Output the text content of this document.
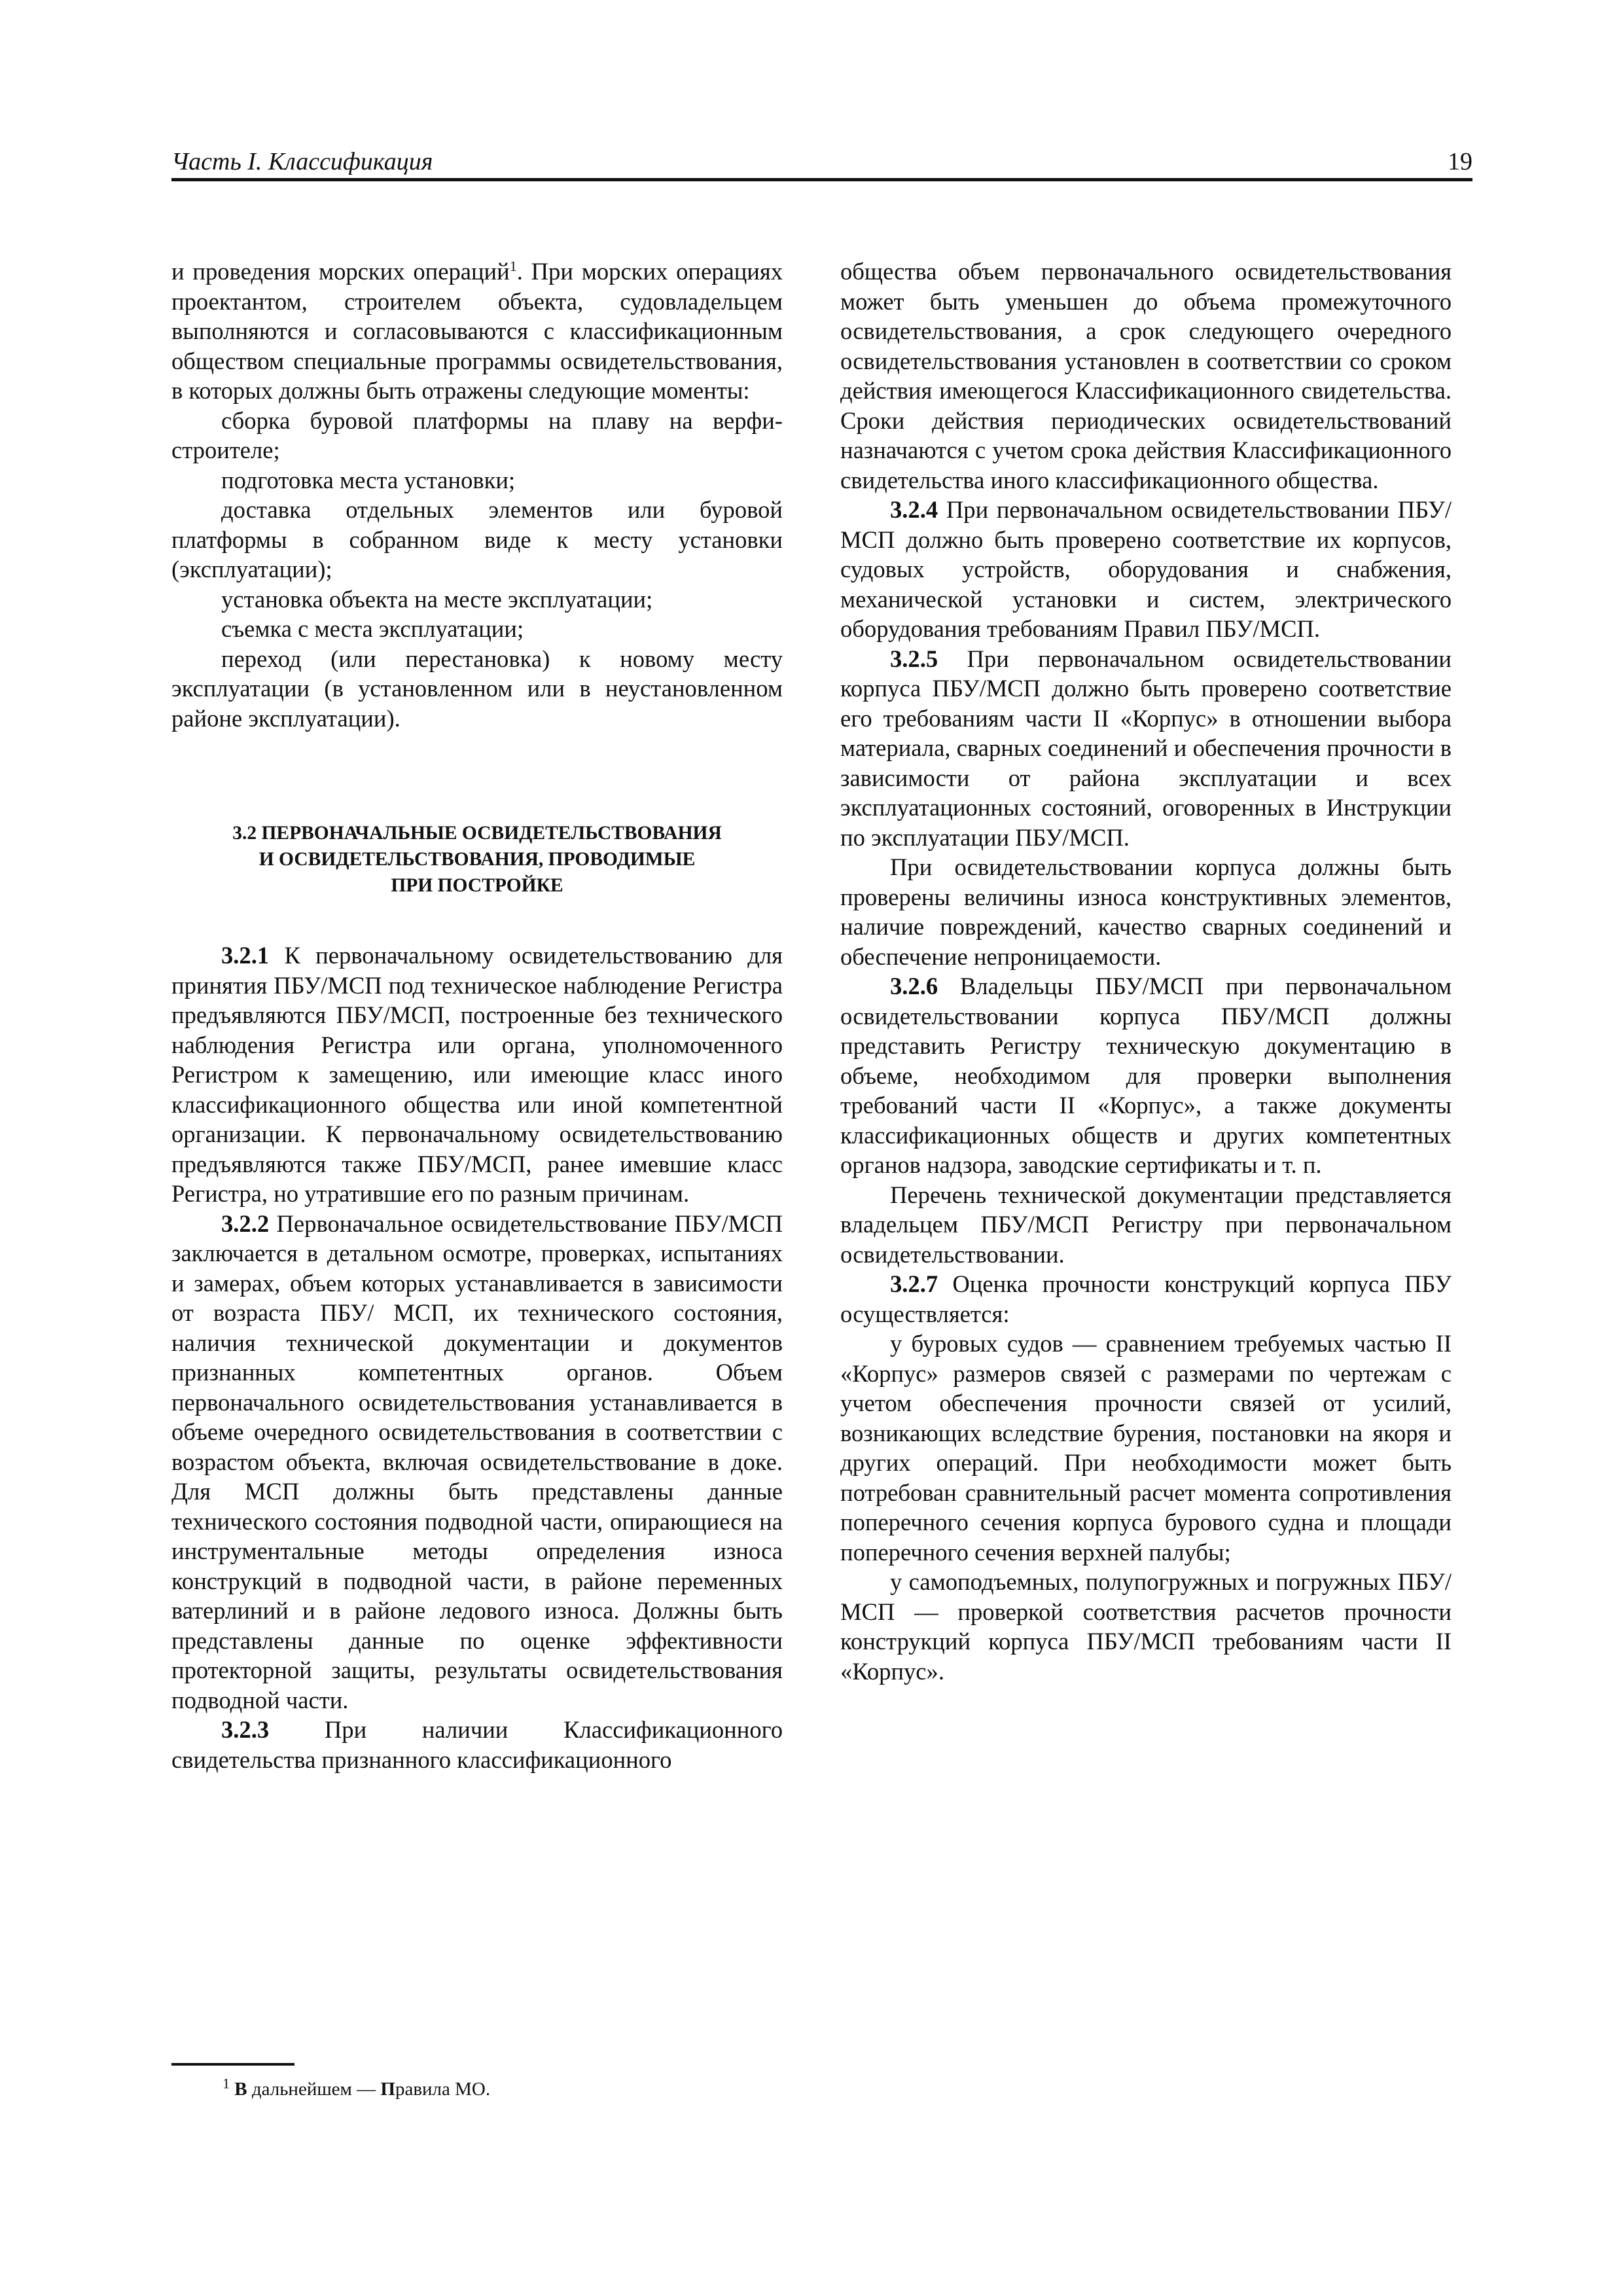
Часть I. Классификация	19

и проведения морских операций$^1$. При морских операциях проектантом, строителем объекта, судовладельцем выполняются и согласовываются с классификационным обществом специальные программы освидетельствования, в которых должны быть отражены следующие моменты:

сборка буровой платформы на плаву на верфи-строителе;

подготовка места установки;

доставка отдельных элементов или буровой платформы в собранном виде к месту установки (эксплуатации);

установка объекта на месте эксплуатации;

съемка с места эксплуатации;

переход (или перестановка) к новому месту эксплуатации (в установленном или в неустановленном районе эксплуатации).

3.2 ПЕРВОНАЧАЛЬНЫЕ ОСВИДЕТЕЛЬСТВОВАНИЯ
И ОСВИДЕТЕЛЬСТВОВАНИЯ, ПРОВОДИМЫЕ
ПРИ ПОСТРОЙКЕ

3.2.1 К первоначальному освидетельствованию для принятия ПБУ/МСП под техническое наблюдение Регистра предъявляются ПБУ/МСП, построенные без технического наблюдения Регистра или органа, уполномоченного Регистром к замещению, или имеющие класс иного классификационного общества или иной компетентной организации. К первоначальному освидетельствованию предъявляются также ПБУ/МСП, ранее имевшие класс Регистра, но утратившие его по разным причинам.

3.2.2 Первоначальное освидетельствование ПБУ/МСП заключается в детальном осмотре, проверках, испытаниях и замерах, объем которых устанавливается в зависимости от возраста ПБУ/ МСП, их технического состояния, наличия технической документации и документов признанных компетентных органов. Объем первоначального освидетельствования устанавливается в объеме очередного освидетельствования в соответствии с возрастом объекта, включая освидетельствование в доке. Для МСП должны быть представлены данные технического состояния подводной части, опирающиеся на инструментальные методы определения износа конструкций в подводной части, в районе переменных ватерлиний и в районе ледового износа. Должны быть представлены данные по оценке эффективности протекторной защиты, результаты освидетельствования подводной части.

3.2.3 При наличии Классификационного свидетельства признанного классификационного

общества объем первоначального освидетельствования может быть уменьшен до объема промежуточного освидетельствования, а срок следующего очередного освидетельствования установлен в соответствии со сроком действия имеющегося Классификационного свидетельства. Сроки действия периодических освидетельствований назначаются с учетом срока действия Классификационного свидетельства иного классификационного общества.

3.2.4 При первоначальном освидетельствовании ПБУ/МСП должно быть проверено соответствие их корпусов, судовых устройств, оборудования и снабжения, механической установки и систем, электрического оборудования требованиям Правил ПБУ/МСП.

3.2.5 При первоначальном освидетельствовании корпуса ПБУ/МСП должно быть проверено соответствие его требованиям части II «Корпус» в отношении выбора материала, сварных соединений и обеспечения прочности в зависимости от района эксплуатации и всех эксплуатационных состояний, оговоренных в Инструкции по эксплуатации ПБУ/МСП.

При освидетельствовании корпуса должны быть проверены величины износа конструктивных элементов, наличие повреждений, качество сварных соединений и обеспечение непроницаемости.

3.2.6 Владельцы ПБУ/МСП при первоначальном освидетельствовании корпуса ПБУ/МСП должны представить Регистру техническую документацию в объеме, необходимом для проверки выполнения требований части II «Корпус», а также документы классификационных обществ и других компетентных органов надзора, заводские сертификаты и т. п.

Перечень технической документации представляется владельцем ПБУ/МСП Регистру при первоначальном освидетельствовании.

3.2.7 Оценка прочности конструкций корпуса ПБУ осуществляется:

у буровых судов — сравнением требуемых частью II «Корпус» размеров связей с размерами по чертежам с учетом обеспечения прочности связей от усилий, возникающих вследствие бурения, постановки на якоря и других операций. При необходимости может быть потребован сравнительный расчет момента сопротивления поперечного сечения корпуса бурового судна и площади поперечного сечения верхней палубы;

у самоподъемных, полупогружных и погружных ПБУ/МСП — проверкой соответствия расчетов прочности конструкций корпуса ПБУ/МСП требованиям части II «Корпус».

$^1$ В дальнейшем — Правила МО.
